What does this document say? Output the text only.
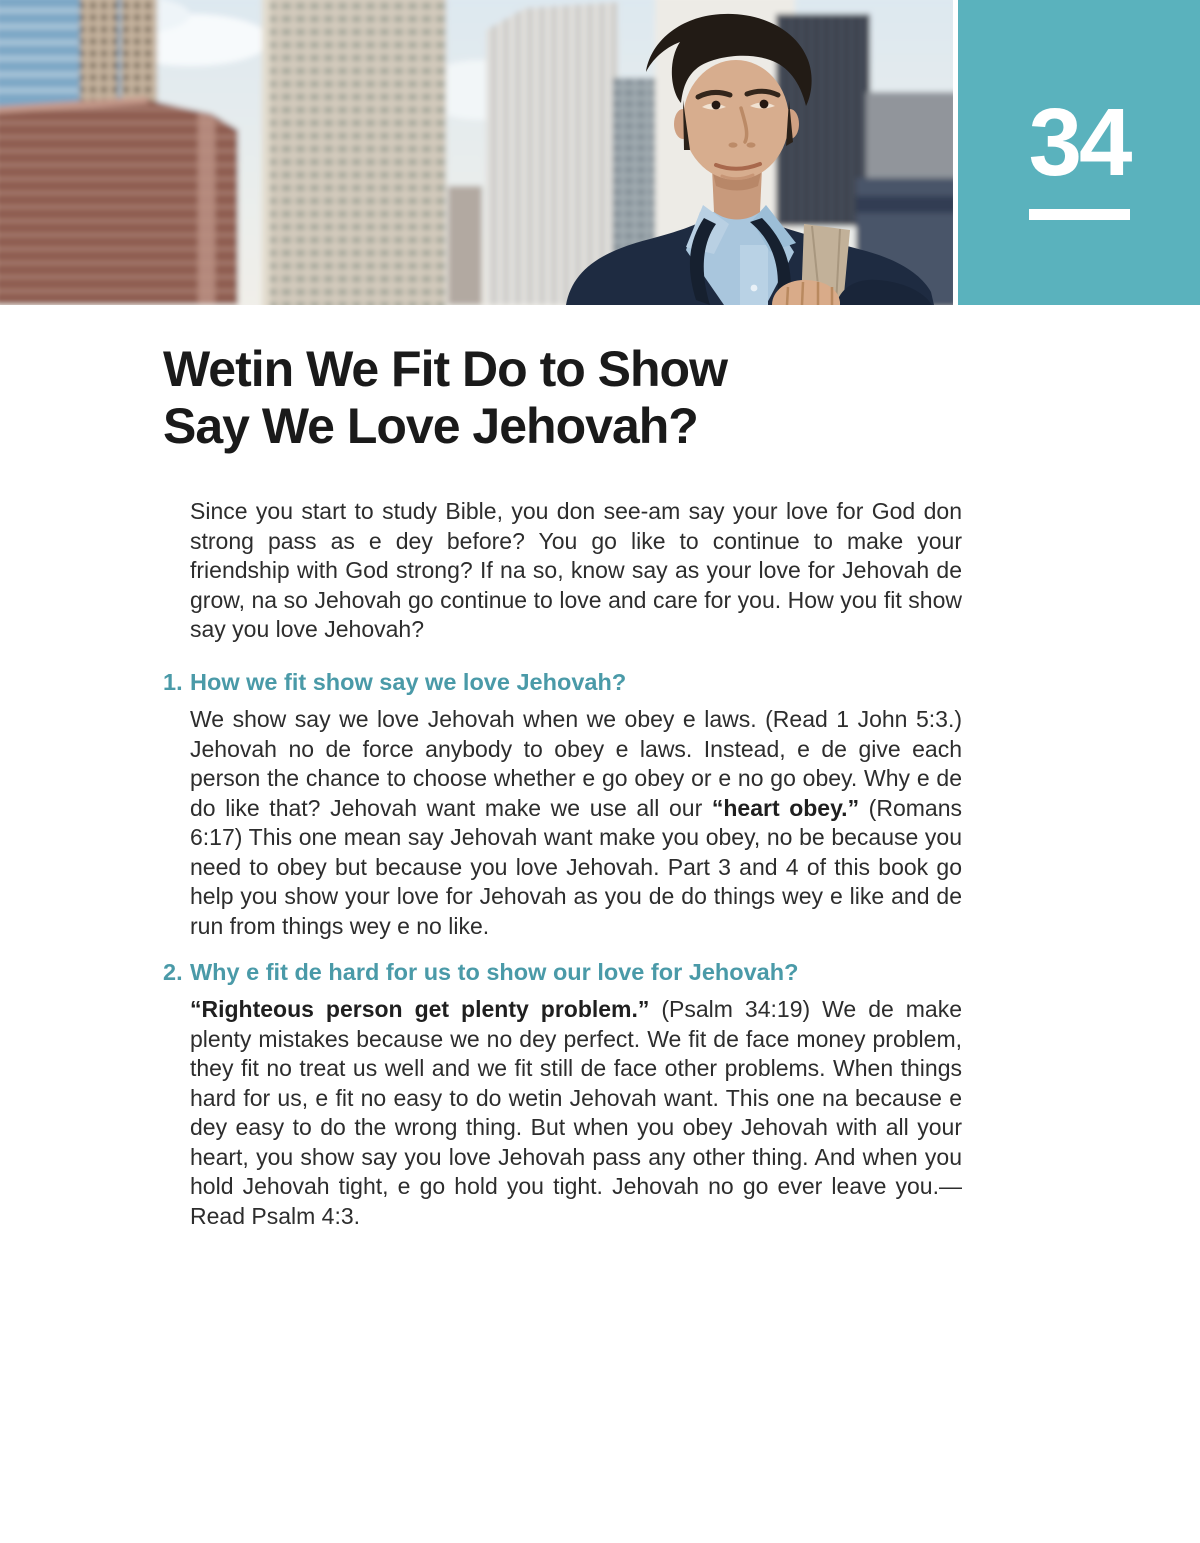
34
Wetin We Fit Do to Show
Say We Love Jehovah?

Since you start to study Bible, you don see-am say your love for God don strong pass as e dey before? You go like to continue to make your friendship with God strong? If na so, know say as your love for Jehovah de grow, na so Jehovah go continue to love and care for you. How you fit show say you love Jehovah?

1. How we fit show say we love Jehovah?

We show say we love Jehovah when we obey e laws. (Read 1 John 5:3.) Jehovah no de force anybody to obey e laws. Instead, e de give each person the chance to choose whether e go obey or e no go obey. Why e de do like that? Jehovah want make we use all our “heart obey.” (Romans 6:17) This one mean say Jehovah want make you obey, no be because you need to obey but because you love Jehovah. Part 3 and 4 of this book go help you show your love for Jehovah as you de do things wey e like and de run from things wey e no like.

2. Why e fit de hard for us to show our love for Jehovah?

“Righteous person get plenty problem.” (Psalm 34:19) We de make plenty mistakes because we no dey perfect. We fit de face money problem, they fit no treat us well and we fit still de face other problems. When things hard for us, e fit no easy to do wetin Jehovah want. This one na because e dey easy to do the wrong thing. But when you obey Jehovah with all your heart, you show say you love Jehovah pass any other thing. And when you hold Jehovah tight, e go hold you tight. Jehovah no go ever leave you.—Read Psalm 4:3.
